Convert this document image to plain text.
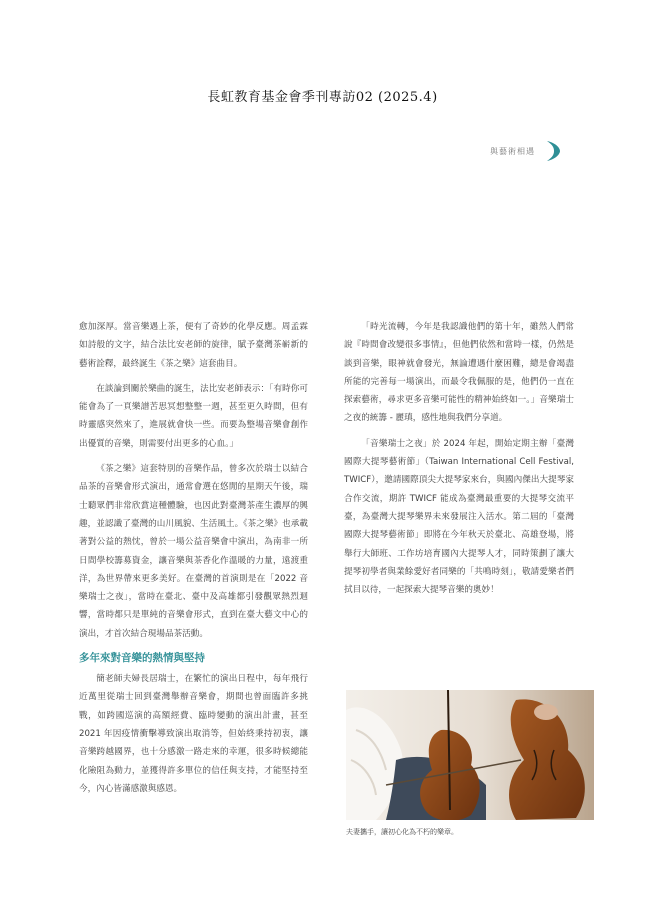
長虹教育基金會季刊專訪02 (2025.4)
與藝術相遇

愈加深厚。當音樂遇上茶，便有了奇妙的化學反應。周孟霖如詩般的文字，結合法比安老師的旋律，賦予臺灣茶嶄新的藝術詮釋，最終誕生《茶之樂》這套曲目。

在談論到關於樂曲的誕生，法比安老師表示：「有時你可能會為了一頁樂譜苦思冥想整整一週，甚至更久時間，但有時靈感突然來了，進展就會快一些。而要為整場音樂會創作出優質的音樂，則需要付出更多的心血。」

《茶之樂》這套特別的音樂作品，曾多次於瑞士以結合品茶的音樂會形式演出，通常會選在悠閒的星期天午後，瑞士聽眾們非常欣賞這種體驗，也因此對臺灣茶產生濃厚的興趣，並認識了臺灣的山川風貌、生活風土。《茶之樂》也承載著對公益的熱忱，曾於一場公益音樂會中演出，為南非一所日間學校籌募資金，讓音樂與茶香化作溫暖的力量，遠渡重洋，為世界帶來更多美好。在臺灣的首演則是在「2022 音樂瑞士之夜」，當時在臺北、臺中及高雄都引發觀眾熱烈迴響，當時都只是單純的音樂會形式，直到在臺大藝文中心的演出，才首次結合現場品茶活動。

多年來對音樂的熱情與堅持

簡老師夫婦長居瑞士，在繁忙的演出日程中，每年飛行近萬里從瑞士回到臺灣舉辦音樂會，期間也曾面臨許多挑戰，如跨國巡演的高額經費、臨時變動的演出計畫，甚至 2021 年因疫情衝擊導致演出取消等，但始終秉持初衷，讓音樂跨越國界，也十分感激一路走來的幸運，很多時候總能化險阻為動力，並獲得許多單位的信任與支持，才能堅持至今，內心皆滿感激與感恩。

「時光流轉，今年是我認識他們的第十年，雖然人們常說『時間會改變很多事情』，但他們依然和當時一樣，仍然是談到音樂，眼神就會發光，無論遭遇什麼困難，總是會竭盡所能的完善每一場演出，而最令我佩服的是，他們仍一直在探索藝術，尋求更多音樂可能性的精神始終如一。」音樂瑞士之夜的統籌 - 麗瑱，感性地與我們分享道。

「音樂瑞士之夜」於 2024 年起，開始定期主辦「臺灣國際大提琴藝術節」（Taiwan International Cell Festival, TWICF），邀請國際頂尖大提琴家來台，與國內傑出大提琴家合作交流，期許 TWICF 能成為臺灣最重要的大提琴交流平臺，為臺灣大提琴樂界未來發展注入活水。第二屆的「臺灣國際大提琴藝術節」即將在今年秋天於臺北、高雄登場，將舉行大師班、工作坊培育國內大提琴人才，同時策劃了讓大提琴初學者與業餘愛好者同樂的「共鳴時刻」，敬請愛樂者們拭目以待，一起探索大提琴音樂的奧妙！

夫妻攜手，讓初心化為不朽的樂章。
